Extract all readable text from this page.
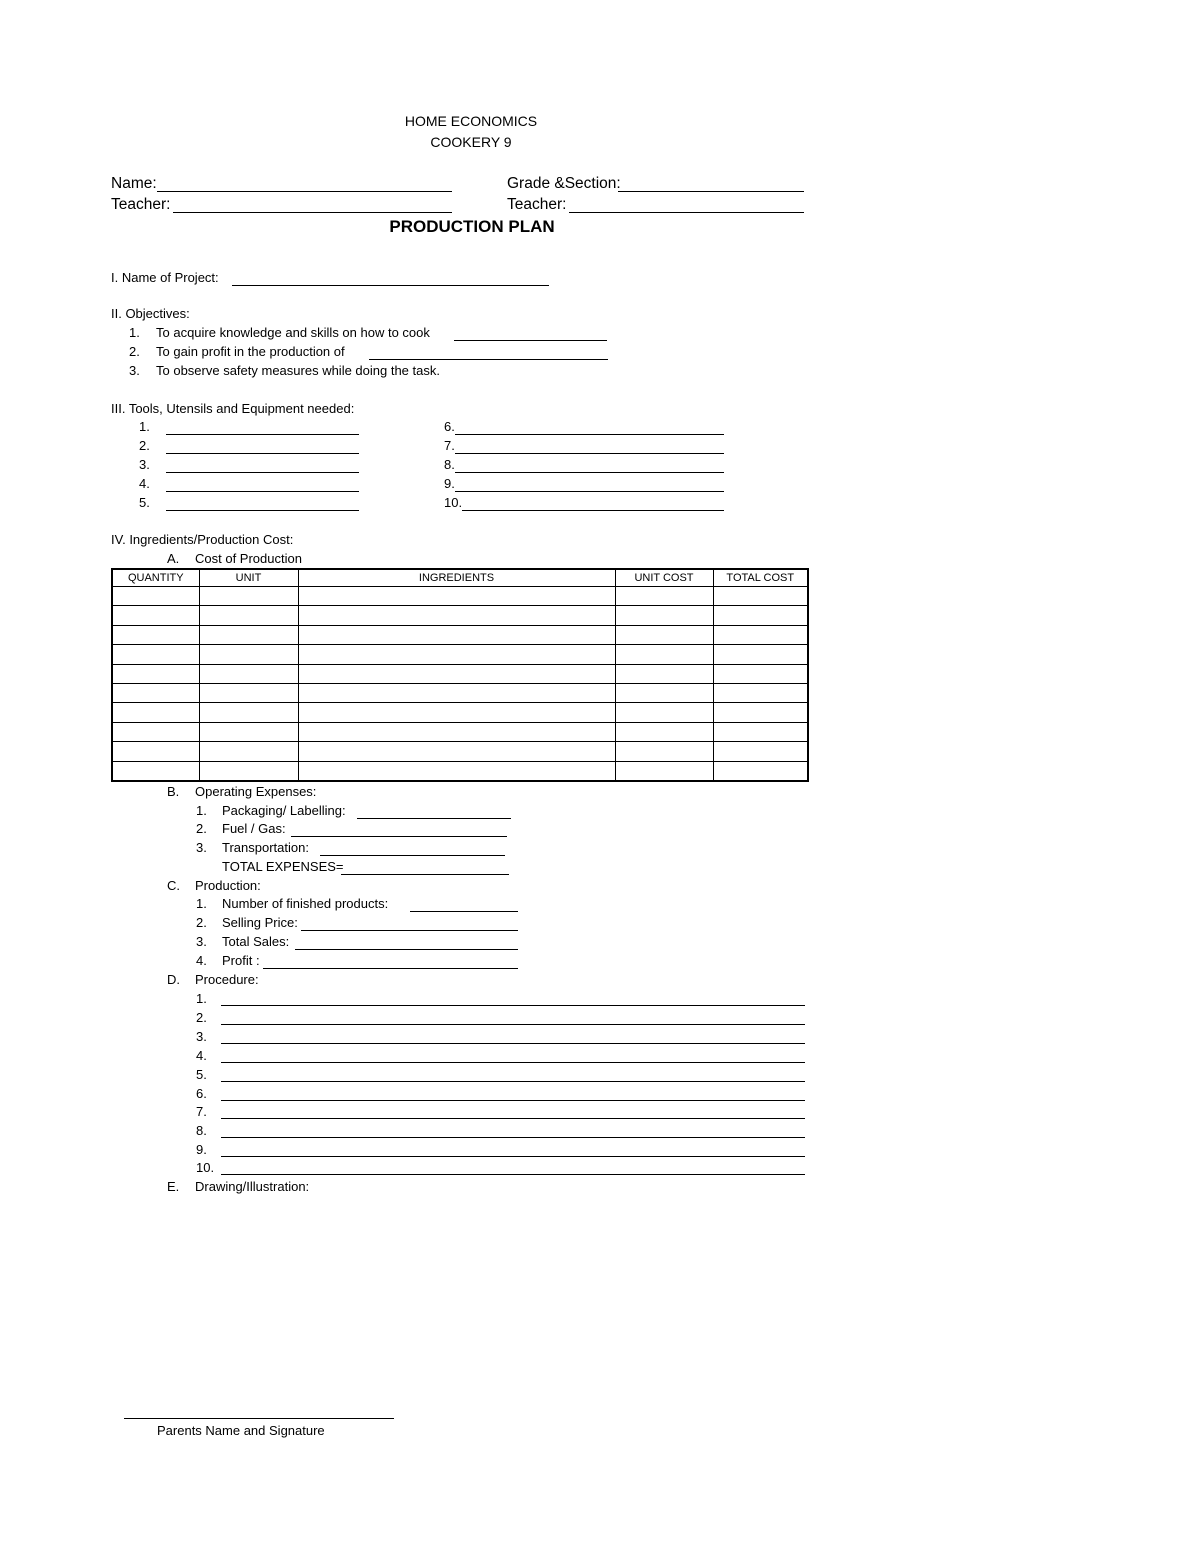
HOME ECONOMICS
COOKERY 9
Name:	Grade &Section:
Teacher:	Teacher:
PRODUCTION PLAN
I. Name of Project:
II. Objectives:
1. To acquire knowledge and skills on how to cook
2. To gain profit in the production of
3. To observe safety measures while doing the task.
III. Tools, Utensils and Equipment needed:
1.
2.
3.
4.
5.
6.
7.
8.
9.
10.
IV. Ingredients/Production Cost:
A. Cost of Production
QUANTITY	UNIT	INGREDIENTS	UNIT COST	TOTAL COST

B. Operating Expenses:
1. Packaging/ Labelling:
2. Fuel / Gas:
3. Transportation:
TOTAL EXPENSES=
C. Production:
1. Number of finished products:
2. Selling Price:
3. Total Sales:
4. Profit :
D. Procedure:
1.
2.
3.
4.
5.
6.
7.
8.
9.
10.
E. Drawing/Illustration:
Parents Name and Signature
